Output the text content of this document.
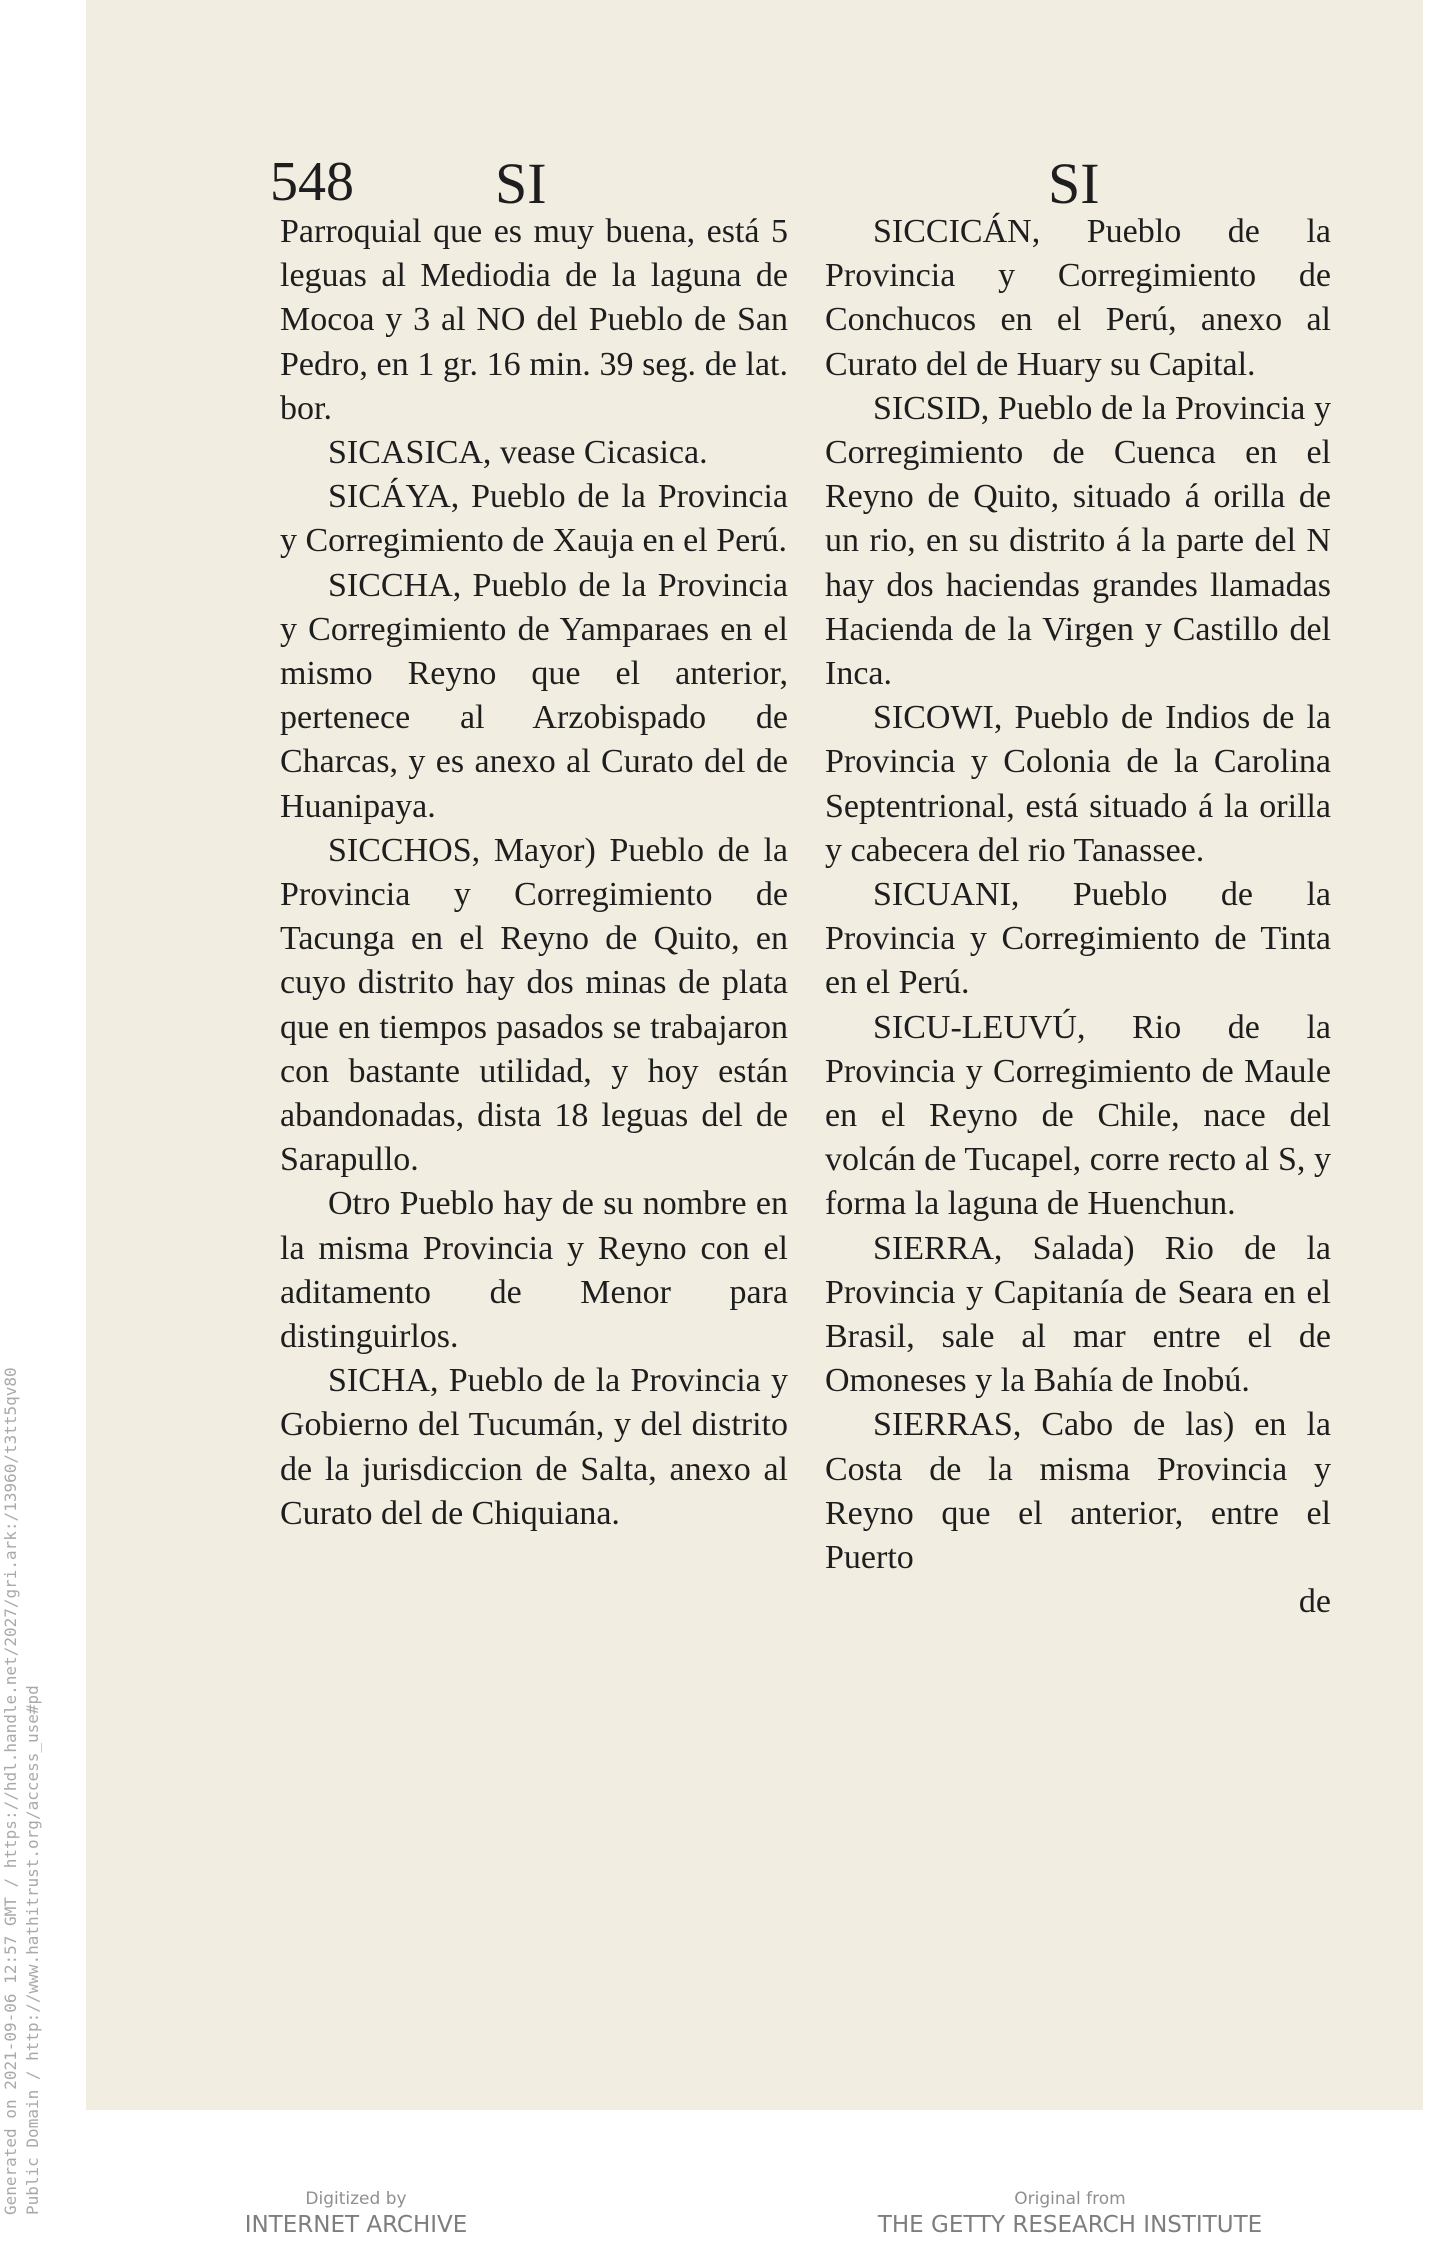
Generated on 2021-09-06 12:57 GMT / https://hdl.handle.net/2027/gri.ark:/13960/t3tt5qv80 Public Domain / http://www.hathitrust.org/access_use#pd
548 SI	SI

Parroquial que es muy buena, está 5 leguas al Mediodia de la laguna de Mocoa y 3 al NO del Pueblo de San Pedro, en 1 gr. 16 min. 39 seg. de lat. bor.

SICASICA, vease Cicasica.

SICÁYA, Pueblo de la Provincia y Corregimiento de Xauja en el Perú.

SICCHA, Pueblo de la Provincia y Corregimiento de Yamparaes en el mismo Reyno que el anterior, pertenece al Arzobispado de Charcas, y es anexo al Curato del de Huanipaya.

SICCHOS, Mayor) Pueblo de la Provincia y Corregimiento de Tacunga en el Reyno de Quito, en cuyo distrito hay dos minas de plata que en tiempos pasados se trabajaron con bastante utilidad, y hoy están abandonadas, dista 18 leguas del de Sarapullo.

Otro Pueblo hay de su nombre en la misma Provincia y Reyno con el aditamento de Menor para distinguirlos.

SICHA, Pueblo de la Provincia y Gobierno del Tucumán, y del distrito de la jurisdiccion de Salta, anexo al Curato del de Chiquiana.

SICCICÁN, Pueblo de la Provincia y Corregimiento de Conchucos en el Perú, anexo al Curato del de Huary su Capital.

SICSID, Pueblo de la Provincia y Corregimiento de Cuenca en el Reyno de Quito, situado á orilla de un rio, en su distrito á la parte del N hay dos haciendas grandes llamadas Hacienda de la Virgen y Castillo del Inca.

SICOWI, Pueblo de Indios de la Provincia y Colonia de la Carolina Septentrional, está situado á la orilla y cabecera del rio Tanassee.

SICUANI, Pueblo de la Provincia y Corregimiento de Tinta en el Perú.

SICU-LEUVÚ, Rio de la Provincia y Corregimiento de Maule en el Reyno de Chile, nace del volcán de Tucapel, corre recto al S, y forma la laguna de Huenchun.

SIERRA, Salada) Rio de la Provincia y Capitanía de Seara en el Brasil, sale al mar entre el de Omoneses y la Bahía de Inobú.

SIERRAS, Cabo de las) en la Costa de la misma Provincia y Reyno que el anterior, entre el Puerto

de
Digitized by
INTERNET ARCHIVE
Original from
THE GETTY RESEARCH INSTITUTE
